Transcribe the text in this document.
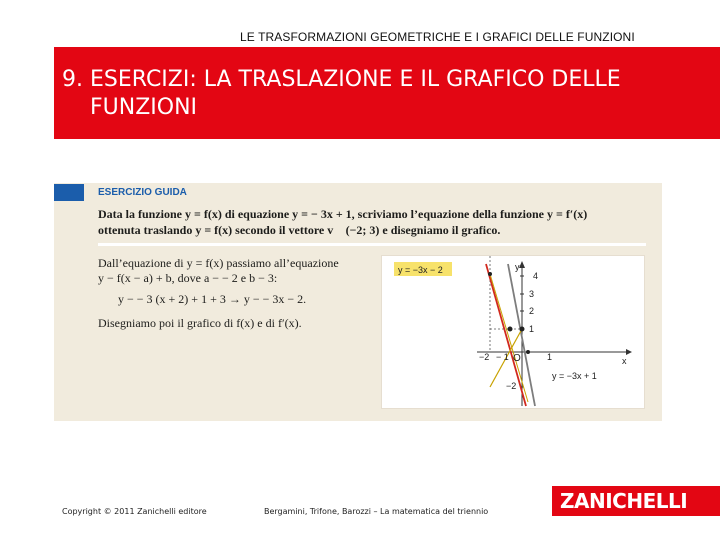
LE TRASFORMAZIONI GEOMETRICHE E I GRAFICI DELLE FUNZIONI
9. ESERCIZI: LA TRASLAZIONE E IL GRAFICO DELLE
FUNZIONI
ESERCIZIO GUIDA
Data la funzione y = f(x) di equazione y = − 3x + 1, scriviamo l’equazione della funzione y = f′(x)
ottenuta traslando y = f(x) secondo il vettore v⃗ (−2; 3) e disegniamo il grafico.
Dall’equazione di y = f(x) passiamo all’equazione
y − f(x − a) + b, dove a − − 2 e b − 3:
y − − 3 (x + 2) + 1 + 3 → y − − 3x − 2.
Disegniamo poi il grafico di f(x) e di f′(x).
y = −3x − 2
y = −3x + 1
x
y
4
3
2
1
−2
−2 − 1 O	1
Copyright © 2011 Zanichelli editore	Bergamini, Trifone, Barozzi – La matematica del triennio	ZANICHELLI
